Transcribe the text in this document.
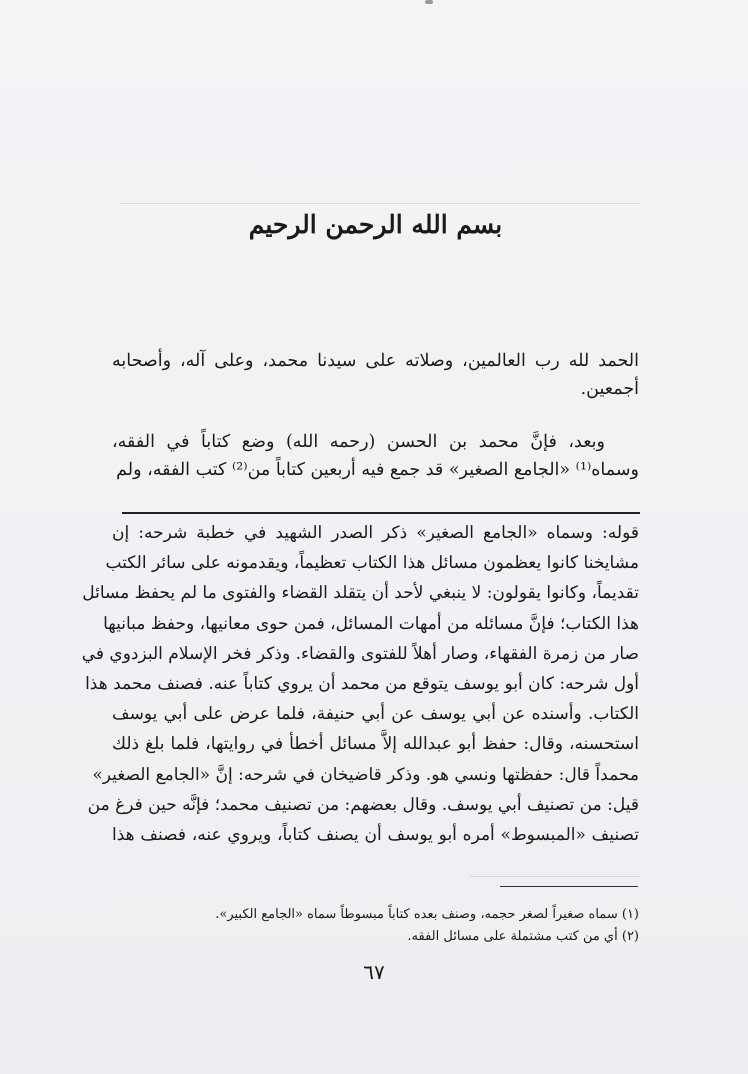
بسم الله الرحمن الرحيم
الحمد لله رب العالمين، وصلاته على سيدنا محمد، وعلى آله، وأصحابه أجمعين.
وبعد، فإنَّ محمد بن الحسن (رحمه الله) وضع كتاباً في الفقه، وسماه⁽¹⁾ «الجامع الصغير» قد جمع فيه أربعين كتاباً من⁽²⁾ كتب الفقه، ولم
قوله: وسماه «الجامع الصغير» ذكر الصدر الشهيد في خطبة شرحه: إن
مشايخنا كانوا يعظمون مسائل هذا الكتاب تعظيماً، ويقدمونه على سائر الكتب
تقديماً، وكانوا يقولون: لا ينبغي لأحد أن يتقلد القضاء والفتوى ما لم يحفظ مسائل
هذا الكتاب؛ فإنَّ مسائله من أمهات المسائل، فمن حوى معانيها، وحفظ مبانيها
صار من زمرة الفقهاء، وصار أهلاً للفتوى والقضاء. وذكر فخر الإسلام البزدوي في
أول شرحه: كان أبو يوسف يتوقع من محمد أن يروي كتاباً عنه. فصنف محمد هذا
الكتاب. وأسنده عن أبي يوسف عن أبي حنيفة، فلما عرض على أبي يوسف
استحسنه، وقال: حفظ أبو عبدالله إلاَّ مسائل أخطأ في روايتها، فلما بلغ ذلك
محمداً قال: حفظتها ونسي هو. وذكر قاضيخان في شرحه: إنَّ «الجامع الصغير»
قيل: من تصنيف أبي يوسف. وقال بعضهم: من تصنيف محمد؛ فإنَّه حين فرغ من
تصنيف «المبسوط» أمره أبو يوسف أن يصنف كتاباً، ويروي عنه، فصنف هذا
(١) سماه صغيراً لصغر حجمه، وصنف بعده كتاباً مبسوطاً سماه «الجامع الكبير».
(٢) أي من كتب مشتملة على مسائل الفقه.
٦٧
